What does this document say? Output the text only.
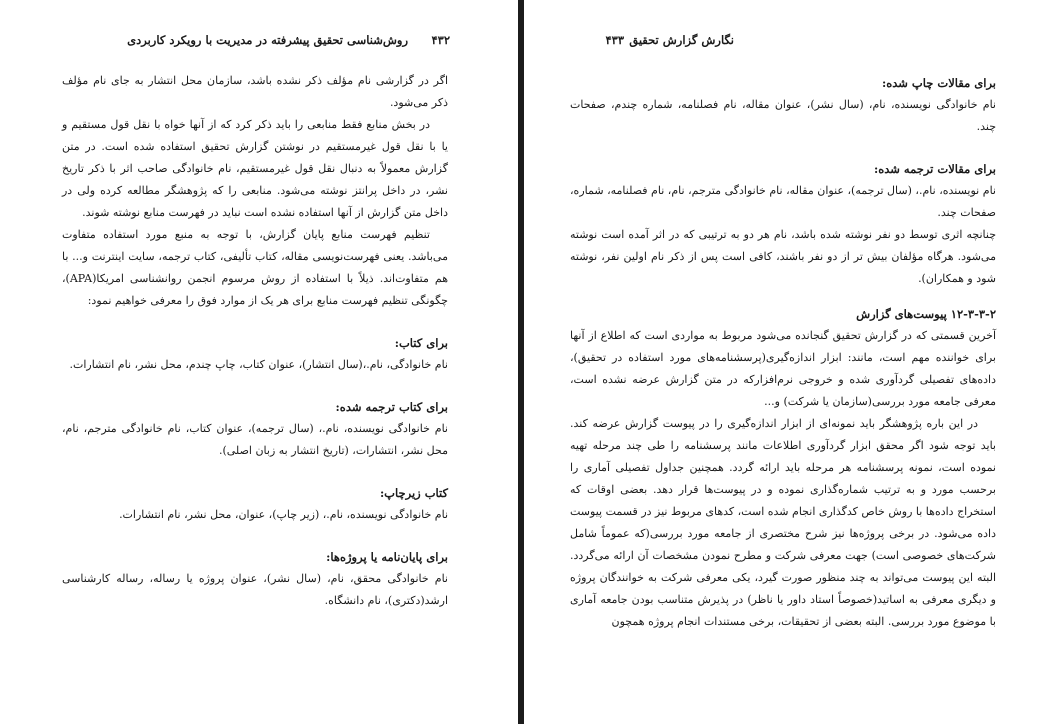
۴۳۲
روش‌شناسی تحقیق پیشرفته در مدیریت با رویکرد کاربردی

اگر در گزارشی نام مؤلف ذکر نشده باشد، سازمان محل انتشار به جای نام مؤلف ذکر می‌شود.

در بخش منابع فقط منابعی را باید ذکر کرد که از آنها خواه با نقل قول مستقیم و یا با نقل قول غیرمستقیم در نوشتن گزارش تحقیق استفاده شده است. در متن گزارش معمولاً به دنبال نقل قول غیرمستقیم، نام خانوادگی صاحب اثر با ذکر تاریخ نشر، در داخل پرانتز نوشته می‌شود. منابعی را که پژوهشگر مطالعه کرده ولی در داخل متن گزارش از آنها استفاده نشده است نباید در فهرست منابع نوشته شوند.

تنظیم فهرست منابع پایان گزارش، با توجه به منبع مورد استفاده متفاوت می‌باشد. یعنی فهرست‌نویسی مقاله، کتاب تألیفی، کتاب ترجمه، سایت اینترنت و... با هم متفاوت‌اند. ذیلاً با استفاده از روش مرسوم انجمن روانشناسی امریکا(APA)، چگونگی تنظیم فهرست منابع برای هر یک از موارد فوق را معرفی خواهیم نمود:

برای کتاب:

نام خانوادگی، نام.،(سال انتشار)، عنوان کتاب، چاپ چندم، محل نشر، نام انتشارات.

برای کتاب ترجمه شده:

نام خانوادگی نویسنده، نام.، (سال ترجمه)، عنوان کتاب، نام خانوادگی مترجم، نام، محل نشر، انتشارات، (تاریخ انتشار به زبان اصلی).

کتاب زیرچاپ:

نام خانوادگی نویسنده، نام.، (زیر چاپ)، عنوان، محل نشر، نام انتشارات.

برای پایان‌نامه یا پروژه‌ها:

نام خانوادگی محقق، نام، (سال نشر)، عنوان پروژه یا رساله، رساله کارشناسی ارشد(دکتری)، نام دانشگاه.

نگارش گزارش تحقیق
۴۳۳
برای مقالات چاپ شده:

نام خانوادگی نویسنده، نام، (سال نشر)، عنوان مقاله، نام فصلنامه، شماره چندم، صفحات چند.

برای مقالات ترجمه شده:

نام نویسنده، نام.، (سال ترجمه)، عنوان مقاله، نام خانوادگی مترجم، نام، نام فصلنامه، شماره، صفحات چند.

چنانچه اثری توسط دو نفر نوشته شده باشد، نام هر دو به ترتیبی که در اثر آمده است نوشته می‌شود. هرگاه مؤلفان بیش تر از دو نفر باشند، کافی است پس از ذکر نام اولین نفر، نوشته شود و همکاران).

۱۲-۳-۳-۲ پیوست‌های گزارش

آخرین قسمتی که در گزارش تحقیق گنجانده می‌شود مربوط به مواردی است که اطلاع از آنها برای خواننده مهم است، مانند: ابزار اندازه‌گیری(پرسشنامه‌های مورد استفاده در تحقیق)، داده‌های تفصیلی گردآوری شده و خروجی نرم‌افزارکه در متن گزارش عرضه نشده است، معرفی جامعه مورد بررسی(سازمان یا شرکت) و...

در این باره پژوهشگر باید نمونه‌ای از ابزار اندازه‌گیری را در پیوست گزارش عرضه کند. باید توجه شود اگر محقق ابزار گردآوری اطلاعات مانند پرسشنامه را طی چند مرحله تهیه نموده است، نمونه پرسشنامه هر مرحله باید ارائه گردد. همچنین جداول تفصیلی آماری را برحسب مورد و به ترتیب شماره‌گذاری نموده و در پیوست‌ها قرار دهد. بعضی اوقات که استخراج داده‌ها با روش خاص کدگذاری انجام شده است، کدهای مربوط نیز در قسمت پیوست داده می‌شود. در برخی پروژه‌ها نیز شرح مختصری از جامعه مورد بررسی(که عموماً شامل شرکت‌های خصوصی است) جهت معرفی شرکت و مطرح نمودن مشخصات آن ارائه می‌گردد. البته این پیوست می‌تواند به چند منظور صورت گیرد، یکی معرفی شرکت به خوانندگان پروژه و دیگری معرفی به اساتید(خصوصاً استاد داور یا ناظر) در پذیرش متناسب بودن جامعه آماری با موضوع مورد بررسی. البته بعضی از تحقیقات، برخی مستندات انجام پروژه همچون
